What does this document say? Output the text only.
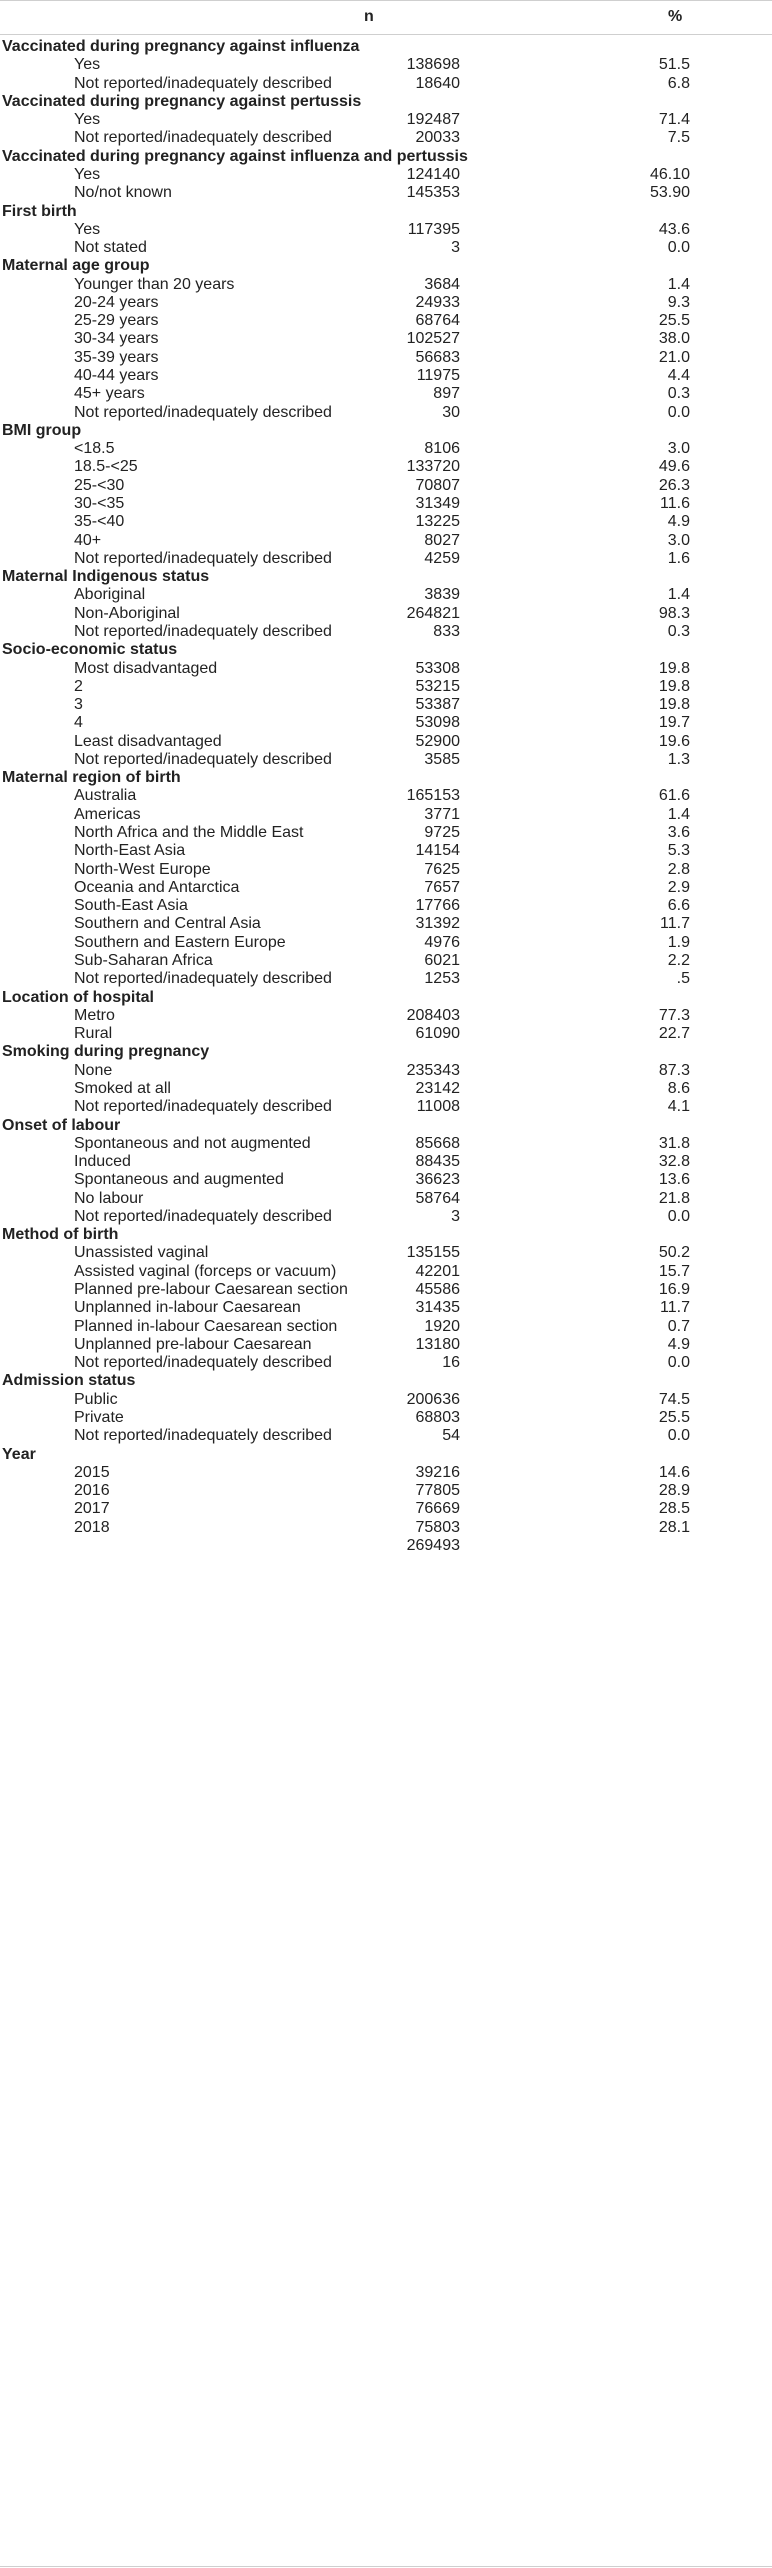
n	%
Vaccinated during pregnancy against influenza
Yes	138698	51.5
Not reported/inadequately described	18640	6.8
Vaccinated during pregnancy against pertussis
Yes	192487	71.4
Not reported/inadequately described	20033	7.5
Vaccinated during pregnancy against influenza and pertussis
Yes	124140	46.10
No/not known	145353	53.90
First birth
Yes	117395	43.6
Not stated	3	0.0
Maternal age group
Younger than 20 years	3684	1.4
20-24 years	24933	9.3
25-29 years	68764	25.5
30-34 years	102527	38.0
35-39 years	56683	21.0
40-44 years	11975	4.4
45+ years	897	0.3
Not reported/inadequately described	30	0.0
BMI group
<18.5	8106	3.0
18.5-<25	133720	49.6
25-<30	70807	26.3
30-<35	31349	11.6
35-<40	13225	4.9
40+	8027	3.0
Not reported/inadequately described	4259	1.6
Maternal Indigenous status
Aboriginal	3839	1.4
Non-Aboriginal	264821	98.3
Not reported/inadequately described	833	0.3
Socio-economic status
Most disadvantaged	53308	19.8
2	53215	19.8
3	53387	19.8
4	53098	19.7
Least disadvantaged	52900	19.6
Not reported/inadequately described	3585	1.3
Maternal region of birth
Australia	165153	61.6
Americas	3771	1.4
North Africa and the Middle East	9725	3.6
North-East Asia	14154	5.3
North-West Europe	7625	2.8
Oceania and Antarctica	7657	2.9
South-East Asia	17766	6.6
Southern and Central Asia	31392	11.7
Southern and Eastern Europe	4976	1.9
Sub-Saharan Africa	6021	2.2
Not reported/inadequately described	1253	.5
Location of hospital
Metro	208403	77.3
Rural	61090	22.7
Smoking during pregnancy
None	235343	87.3
Smoked at all	23142	8.6
Not reported/inadequately described	11008	4.1
Onset of labour
Spontaneous and not augmented	85668	31.8
Induced	88435	32.8
Spontaneous and augmented	36623	13.6
No labour	58764	21.8
Not reported/inadequately described	3	0.0
Method of birth
Unassisted vaginal	135155	50.2
Assisted vaginal (forceps or vacuum)	42201	15.7
Planned pre-labour Caesarean section	45586	16.9
Unplanned in-labour Caesarean	31435	11.7
Planned in-labour Caesarean section	1920	0.7
Unplanned pre-labour Caesarean	13180	4.9
Not reported/inadequately described	16	0.0
Admission status
Public	200636	74.5
Private	68803	25.5
Not reported/inadequately described	54	0.0
Year
2015	39216	14.6
2016	77805	28.9
2017	76669	28.5
2018	75803	28.1
269493
